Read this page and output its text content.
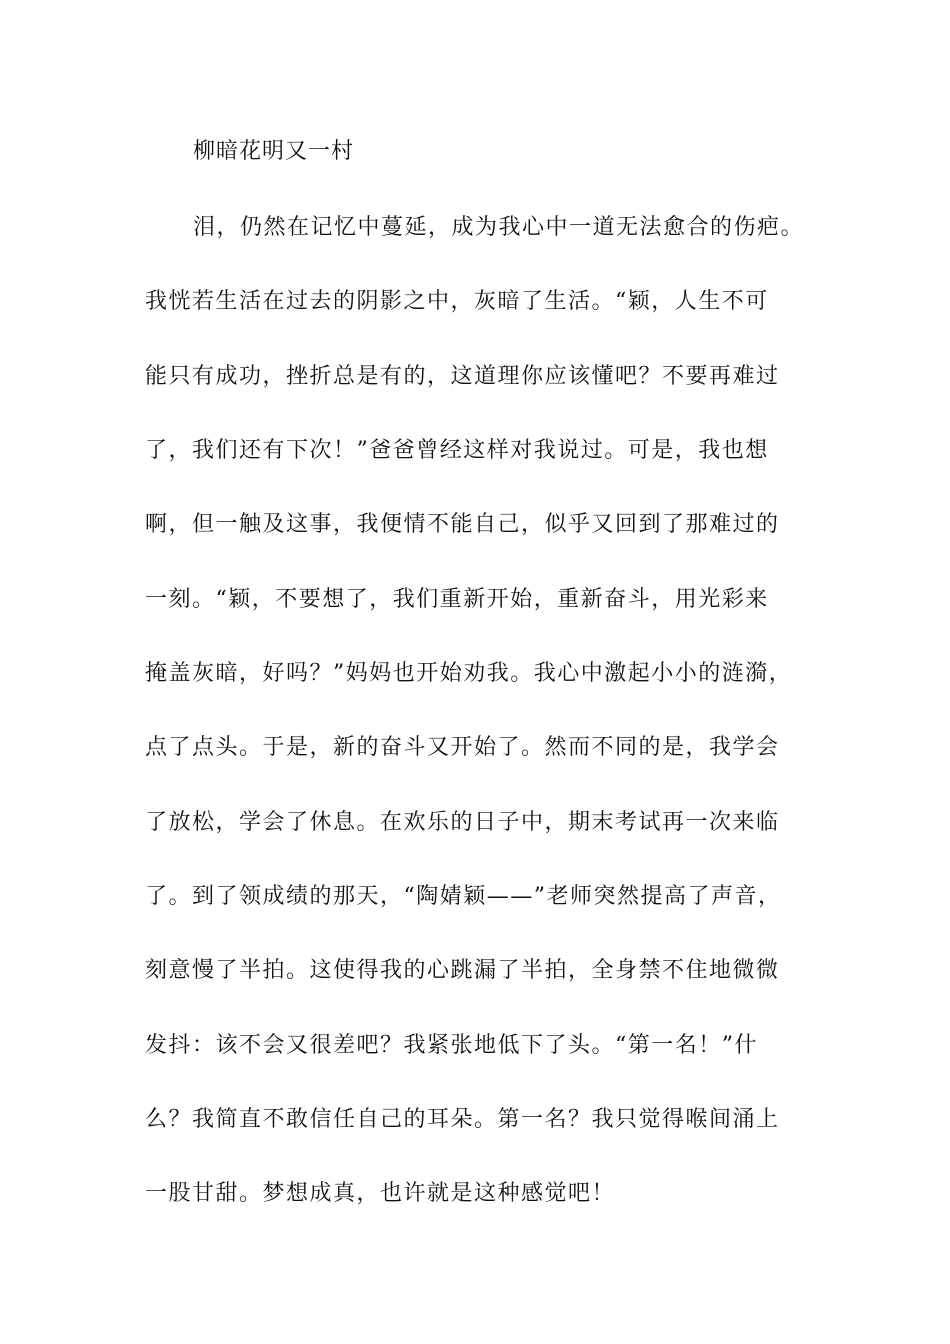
柳暗花明又一村
泪，仍然在记忆中蔓延，成为我心中一道无法愈合的伤疤。
我恍若生活在过去的阴影之中，灰暗了生活。“颖，人生不可
能只有成功，挫折总是有的，这道理你应该懂吧？不要再难过
了，我们还有下次！”爸爸曾经这样对我说过。可是，我也想
啊，但一触及这事，我便情不能自己，似乎又回到了那难过的
一刻。“颖，不要想了，我们重新开始，重新奋斗，用光彩来
掩盖灰暗，好吗？”妈妈也开始劝我。我心中激起小小的涟漪，
点了点头。于是，新的奋斗又开始了。然而不同的是，我学会
了放松，学会了休息。在欢乐的日子中，期末考试再一次来临
了。到了领成绩的那天，“陶婧颖——”老师突然提高了声音，
刻意慢了半拍。这使得我的心跳漏了半拍，全身禁不住地微微
发抖：该不会又很差吧？我紧张地低下了头。“第一名！”什
么？我简直不敢信任自己的耳朵。第一名？我只觉得喉间涌上
一股甘甜。梦想成真，也许就是这种感觉吧！
